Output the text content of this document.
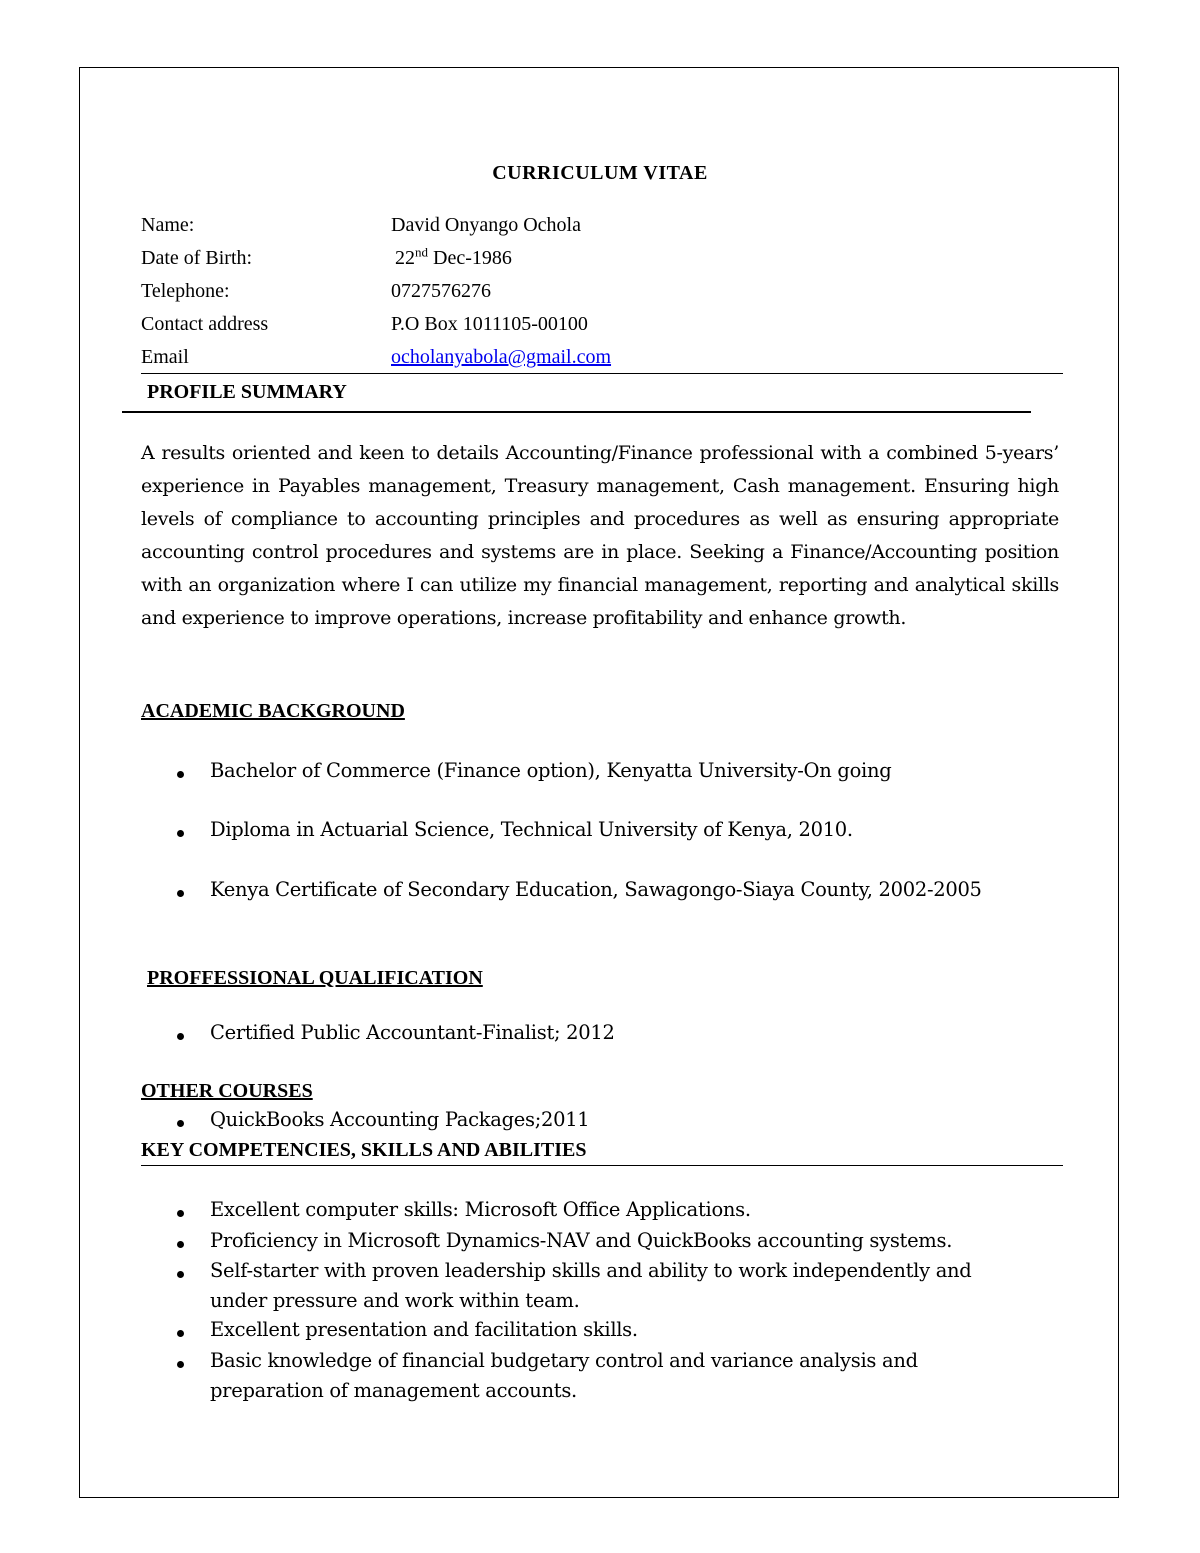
CURRICULUM VITAE
Name:	David Onyango Ochola
Date of Birth:	22nd Dec-1986
Telephone:	0727576276
Contact address	P.O Box 1011105-00100
Email	ocholanyabola@gmail.com
PROFILE SUMMARY
A results oriented and keen to details Accounting/Finance professional with a combined 5-years’ experience in Payables management, Treasury management, Cash management. Ensuring high levels of compliance to accounting principles and procedures as well as ensuring appropriate accounting control procedures and systems are in place. Seeking a Finance/Accounting position with an organization where I can utilize my financial management, reporting and analytical skills and experience to improve operations, increase profitability and enhance growth.
ACADEMIC BACKGROUND
Bachelor of Commerce (Finance option), Kenyatta University-On going
Diploma in Actuarial Science, Technical University of Kenya, 2010.
Kenya Certificate of Secondary Education, Sawagongo-Siaya County, 2002-2005
PROFFESSIONAL QUALIFICATION
Certified Public Accountant-Finalist; 2012
OTHER COURSES
QuickBooks Accounting Packages;2011
KEY COMPETENCIES, SKILLS AND ABILITIES
Excellent computer skills: Microsoft Office Applications.
Proficiency in Microsoft Dynamics-NAV and QuickBooks accounting systems.
Self-starter with proven leadership skills and ability to work independently and
under pressure and work within team.
Excellent presentation and facilitation skills.
Basic knowledge of financial budgetary control and variance analysis and
preparation of management accounts.
